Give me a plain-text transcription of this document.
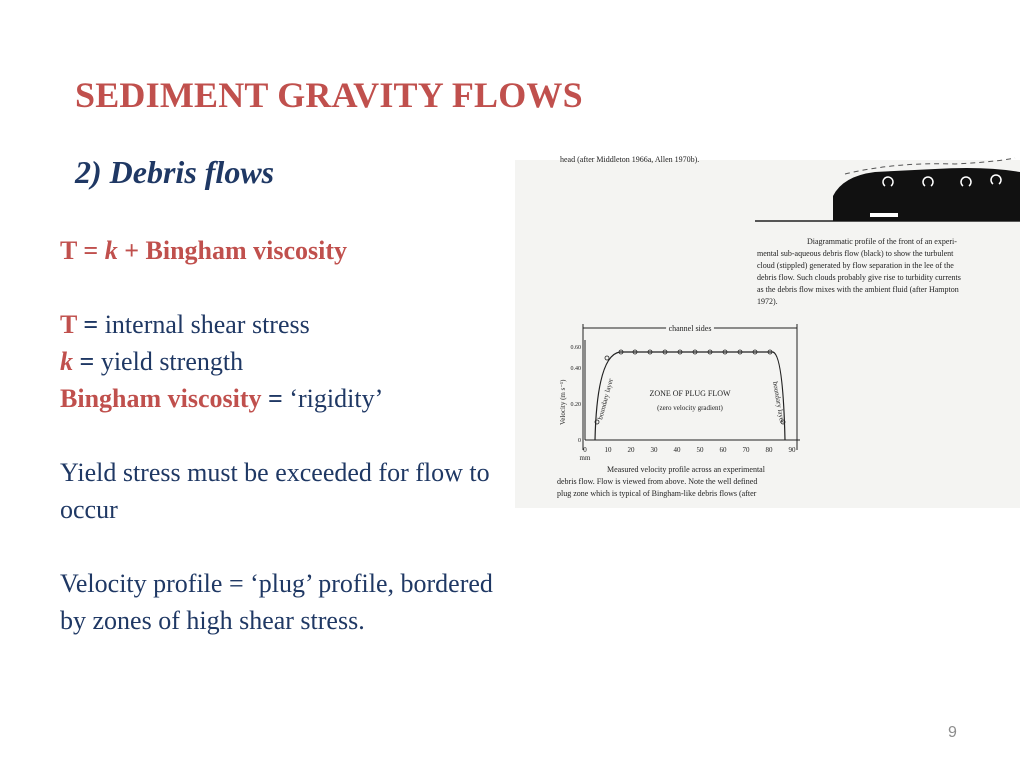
SEDIMENT GRAVITY FLOWS
2) Debris flows
T = k + Bingham viscosity
T = internal shear stress
k = yield strength
Bingham viscosity = ‘rigidity’
Yield stress must be exceeded for flow to occur
Velocity profile = ‘plug’ profile, bordered by zones of high shear stress.
head (after Middleton 1966a, Allen 1970b).
Diagrammatic profile of the front of an experi-
mental sub-aqueous debris flow (black) to show the turbulent
cloud (stippled) generated by flow separation in the lee of the
debris flow. Such clouds probably give rise to turbidity currents
as the debris flow mixes with the ambient fluid (after Hampton
1972).
channel sides
0
0.20
0.40
0.60
Velocity (m s⁻¹)
0	10 20 30 40 50 60 70 80 90
mm
boundary layer	boundary layer
ZONE OF PLUG FLOW
(zero velocity gradient)
Measured velocity profile across an experimental
debris flow. Flow is viewed from above. Note the well defined
plug zone which is typical of Bingham-like debris flows (after
9
